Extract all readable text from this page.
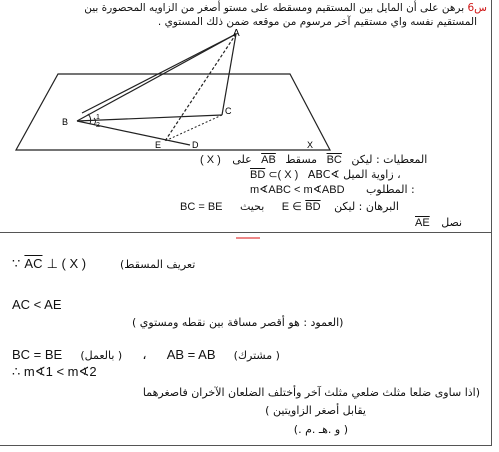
س6 برهن على أن المايل بين المستقيم ومسقطه على مستو أصغر من الزاويه المحصورة بين
المستقيم نفسه واي مستقيم آخر مرسوم من موقعه ضمن ذلك المستوي .
A
B
C
D
E	X
1
2
( X ) على $\overline{AB}$ مسقط $\overline{BC}$ المعطيات : ليكن
$\overline{BD}$ ⊂( X ) ABC∢ زاوية الميل ،
m∢ABC < m∢ABD المطلوب :
BC = BE بحيث E ∈ $\overline{BD}$ البرهان : ليكن
$\overline{AE}$ نصل
∵ $\overline{AC}$ ⊥ ( X )	(تعريف المسقط
AC < AE
(العمود : هو أقصر مسافة بين نقطه ومستوي )
BC = BE (بالعمل ) ، AB = AB (مشترك )
∴ m∢1 < m∢2
(اذا ساوى ضلعا مثلث ضلعي مثلث آخر وأختلف الضلعان الآخران فاصغرهما
يقابل أصغر الزاويتين )
( و .هـ .م .)
